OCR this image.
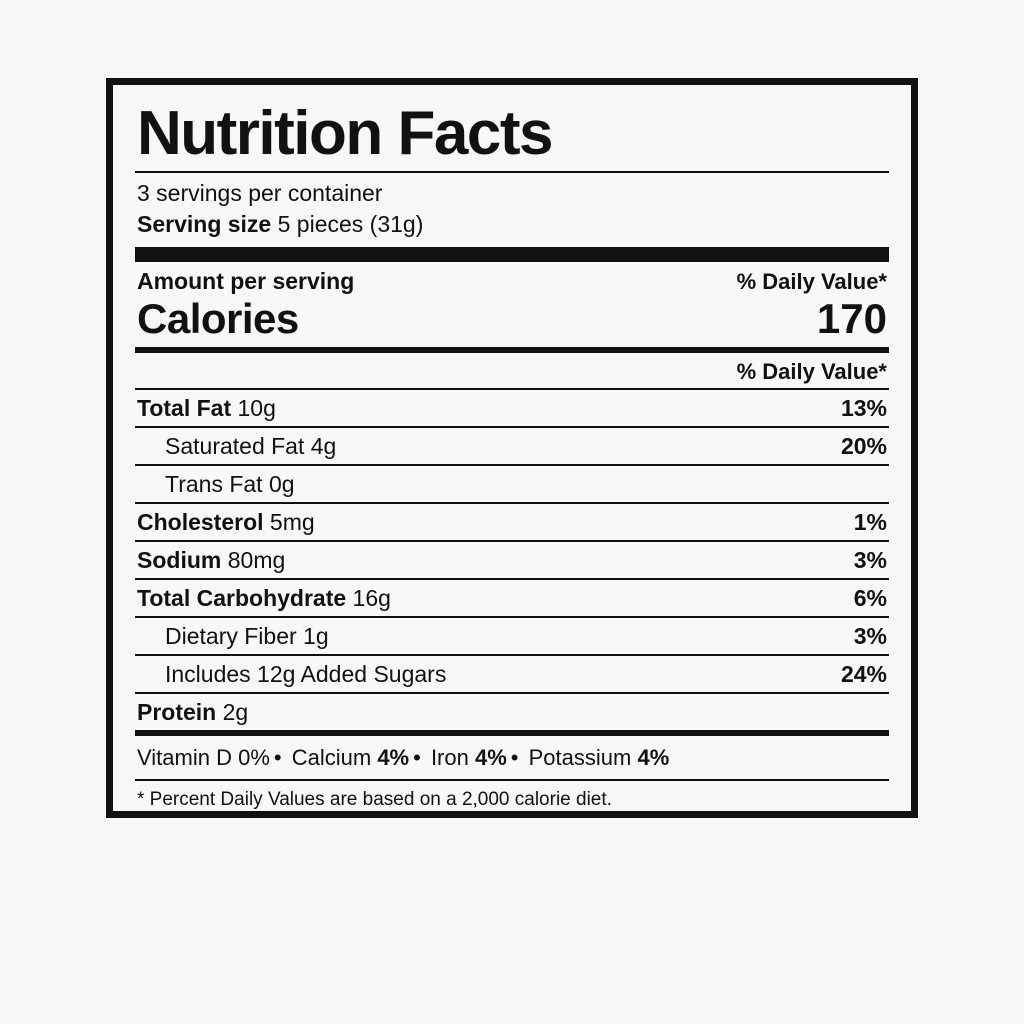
Nutrition Facts
3 servings per container
Serving size 5 pieces (31g)
Amount per serving	% Daily Value*
Calories	170
% Daily Value*
Total Fat 10g	13%
Saturated Fat 4g	20%
Trans Fat 0g
Cholesterol 5mg	1%
Sodium 80mg	3%
Total Carbohydrate 16g	6%
Dietary Fiber 1g	3%
Includes 12g Added Sugars	24%
Protein 2g
Vitamin D 0% • Calcium 4% • Iron 4% • Potassium 4%
* Percent Daily Values are based on a 2,000 calorie diet.
